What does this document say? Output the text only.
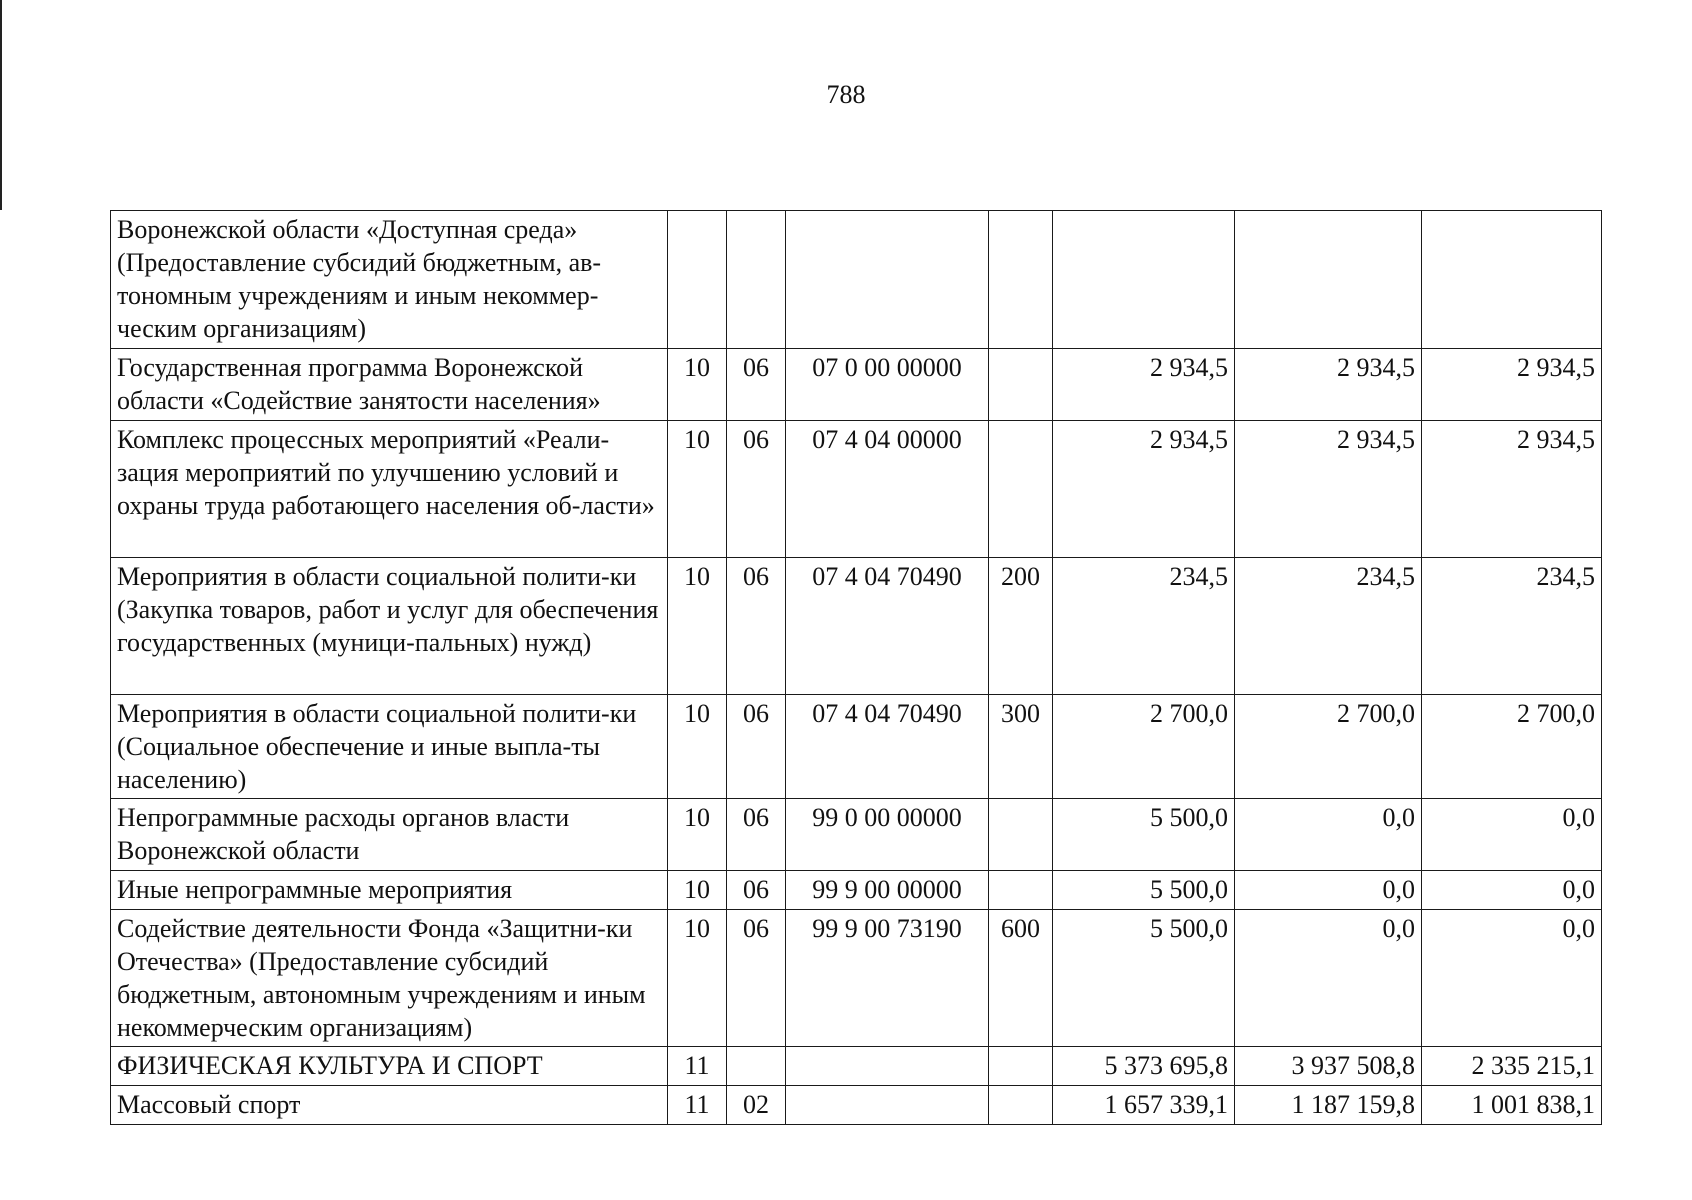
788
Воронежской области «Доступная среда» (Предоставление субсидий бюджетным, ав-тономным учреждениям и иным некоммер-ческим организациям)							
Государственная программа Воронежской области «Содействие занятости населения»	10	06	07 0 00 00000		2 934,5	2 934,5	2 934,5
Комплекс процессных мероприятий «Реали-зация мероприятий по улучшению условий и охраны труда работающего населения об-ласти»	10	06	07 4 04 00000		2 934,5	2 934,5	2 934,5
Мероприятия в области социальной полити-ки (Закупка товаров, работ и услуг для обеспечения государственных (муници-пальных) нужд)	10	06	07 4 04 70490	200	234,5	234,5	234,5
Мероприятия в области социальной полити-ки (Социальное обеспечение и иные выпла-ты населению)	10	06	07 4 04 70490	300	2 700,0	2 700,0	2 700,0
Непрограммные расходы органов власти Воронежской области	10	06	99 0 00 00000		5 500,0	0,0	0,0
Иные непрограммные мероприятия	10	06	99 9 00 00000		5 500,0	0,0	0,0
Содействие деятельности Фонда «Защитни-ки Отечества» (Предоставление субсидий бюджетным, автономным учреждениям и иным некоммерческим организациям)	10	06	99 9 00 73190	600	5 500,0	0,0	0,0
ФИЗИЧЕСКАЯ КУЛЬТУРА И СПОРТ	11				5 373 695,8	3 937 508,8	2 335 215,1
Массовый спорт	11	02			1 657 339,1	1 187 159,8	1 001 838,1
